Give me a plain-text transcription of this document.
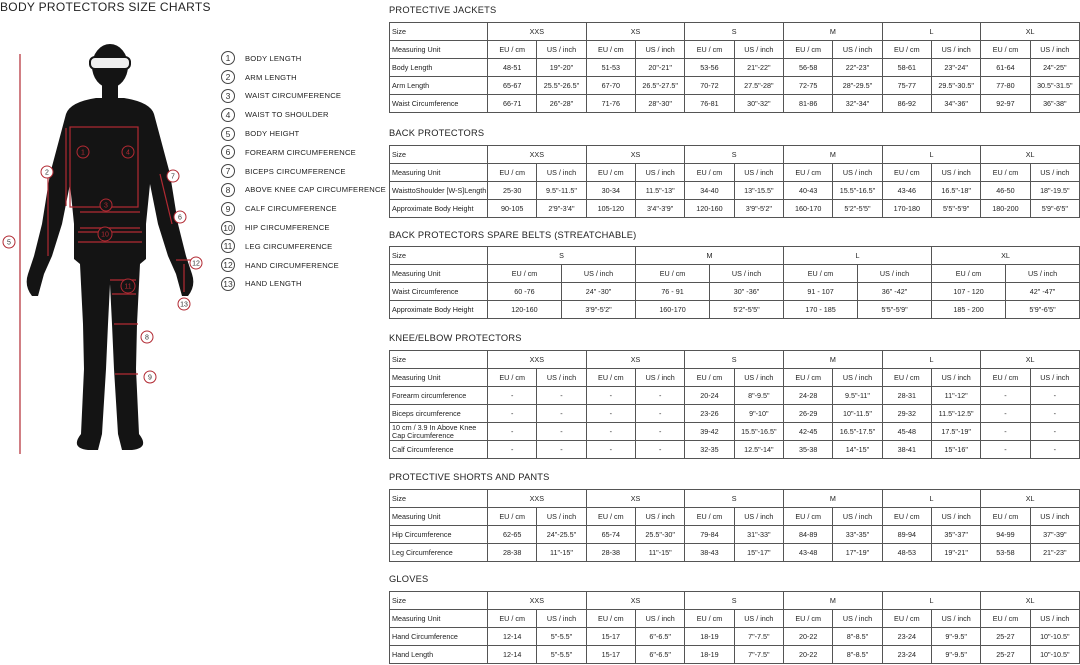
BODY PROTECTORS SIZE CHARTS
1
2
3
4
5
6
7
8
9
10
11
12
13
1	BODY LENGTH
2	ARM LENGTH
3	WAIST CIRCUMFERENCE
4	WAIST TO SHOULDER
5	BODY HEIGHT
6	FOREARM CIRCUMFERENCE
7	BICEPS CIRCUMFERENCE
8	ABOVE KNEE CAP CIRCUMFERENCE
9	CALF CIRCUMFERENCE
10 HIP CIRCUMFERENCE
11	LEG CIRCUMFERENCE
12 HAND CIRCUMFERENCE
13 HAND LENGTH
PROTECTIVE JACKETS
Size	XXS		XS		S		M		L		XL	
Measuring Unit	EU / cm	US / inch	EU / cm	US / inch	EU / cm	US / inch	EU / cm	US / inch	EU / cm	US / inch	EU / cm	US / inch
Body Length	48-51	19"-20"	51-53	20"-21"	53-56	21"-22"	56-58	22"-23"	58-61	23"-24"	61-64	24"-25"
Arm Length	65-67	25.5"-26.5"	67-70	26.5"-27.5"	70-72	27.5"-28"	72-75	28"-29.5"	75-77	29.5"-30.5"	77-80	30.5"-31.5"
Waist Circumference	66-71	26"-28"	71-76	28"-30"	76-81	30"-32"	81-86	32"-34"	86-92	34"-36"	92-97	36"-38"
BACK PROTECTORS
Size	XXS		XS		S		M		L		XL	
Measuring Unit	EU / cm	US / inch	EU / cm	US / inch	EU / cm	US / inch	EU / cm	US / inch	EU / cm	US / inch	EU / cm	US / inch
WaisttoShoulder [W-S]Length	25-30	9.5"-11.5"	30-34	11.5"-13"	34-40	13"-15.5"	40-43	15.5"-16.5"	43-46	16.5"-18"	46-50	18"-19.5"
Approximate Body Height	90-105	2'9"-3'4"	105-120	3'4"-3'9"	120-160	3'9"-5'2"	160-170	5'2"-5'5"	170-180	5'5"-5'9"	180-200	5'9"-6'5"
BACK PROTECTORS SPARE BELTS (STREATCHABLE)
Size	S		M		L		XL	
Measuring Unit	EU / cm	US / inch	EU / cm	US / inch	EU / cm	US / inch	EU / cm	US / inch
Waist Circumference	60 -76	24" -30"	76 - 91	30" -36"	91 - 107	36" -42"	107 - 120	42" -47"
Approximate Body Height	120-160	3'9"-5'2"	160-170	5'2"-5'5"	170 - 185	5'5"-5'9"	185 - 200	5'9"-6'5"
KNEE/ELBOW PROTECTORS
Size	XXS		XS		S		M		L		XL	
Measuring Unit	EU / cm	US / inch	EU / cm	US / inch	EU / cm	US / inch	EU / cm	US / inch	EU / cm	US / inch	EU / cm	US / inch
Forearm circumference	-	-	-	-	20-24	8"-9.5"	24-28	9.5"-11"	28-31	11"-12"	-	-
Biceps circumference	-	-	-	-	23-26	9"-10"	26-29	10"-11.5"	29-32	11.5"-12.5"	-	-
10 cm / 3.9 In Above Knee Cap Circumference	-	-	-	-	39-42	15.5"-16.5"	42-45	16.5"-17.5"	45-48	17.5"-19"	-	-
Calf Circumference	-	-	-	-	32-35	12.5"-14"	35-38	14"-15"	38-41	15"-16"	-	-
PROTECTIVE SHORTS AND PANTS
Size	XXS		XS		S		M		L		XL	
Measuring Unit	EU / cm	US / inch	EU / cm	US / inch	EU / cm	US / inch	EU / cm	US / inch	EU / cm	US / inch	EU / cm	US / inch
Hip Circumference	62-65	24"-25.5"	65-74	25.5"-30"	79-84	31"-33"	84-89	33"-35"	89-94	35"-37"	94-99	37"-39"
Leg Circumference	28-38	11"-15"	28-38	11"-15"	38-43	15"-17"	43-48	17"-19"	48-53	19"-21"	53-58	21"-23"
GLOVES
Size	XXS		XS		S		M		L		XL	
Measuring Unit	EU / cm	US / inch	EU / cm	US / inch	EU / cm	US / inch	EU / cm	US / inch	EU / cm	US / inch	EU / cm	US / inch
Hand Circumference	12-14	5"-5.5"	15-17	6"-6.5"	18-19	7"-7.5"	20-22	8"-8.5"	23-24	9"-9.5"	25-27	10"-10.5"
Hand Length	12-14	5"-5.5"	15-17	6"-6.5"	18-19	7"-7.5"	20-22	8"-8.5"	23-24	9"-9.5"	25-27	10"-10.5"
